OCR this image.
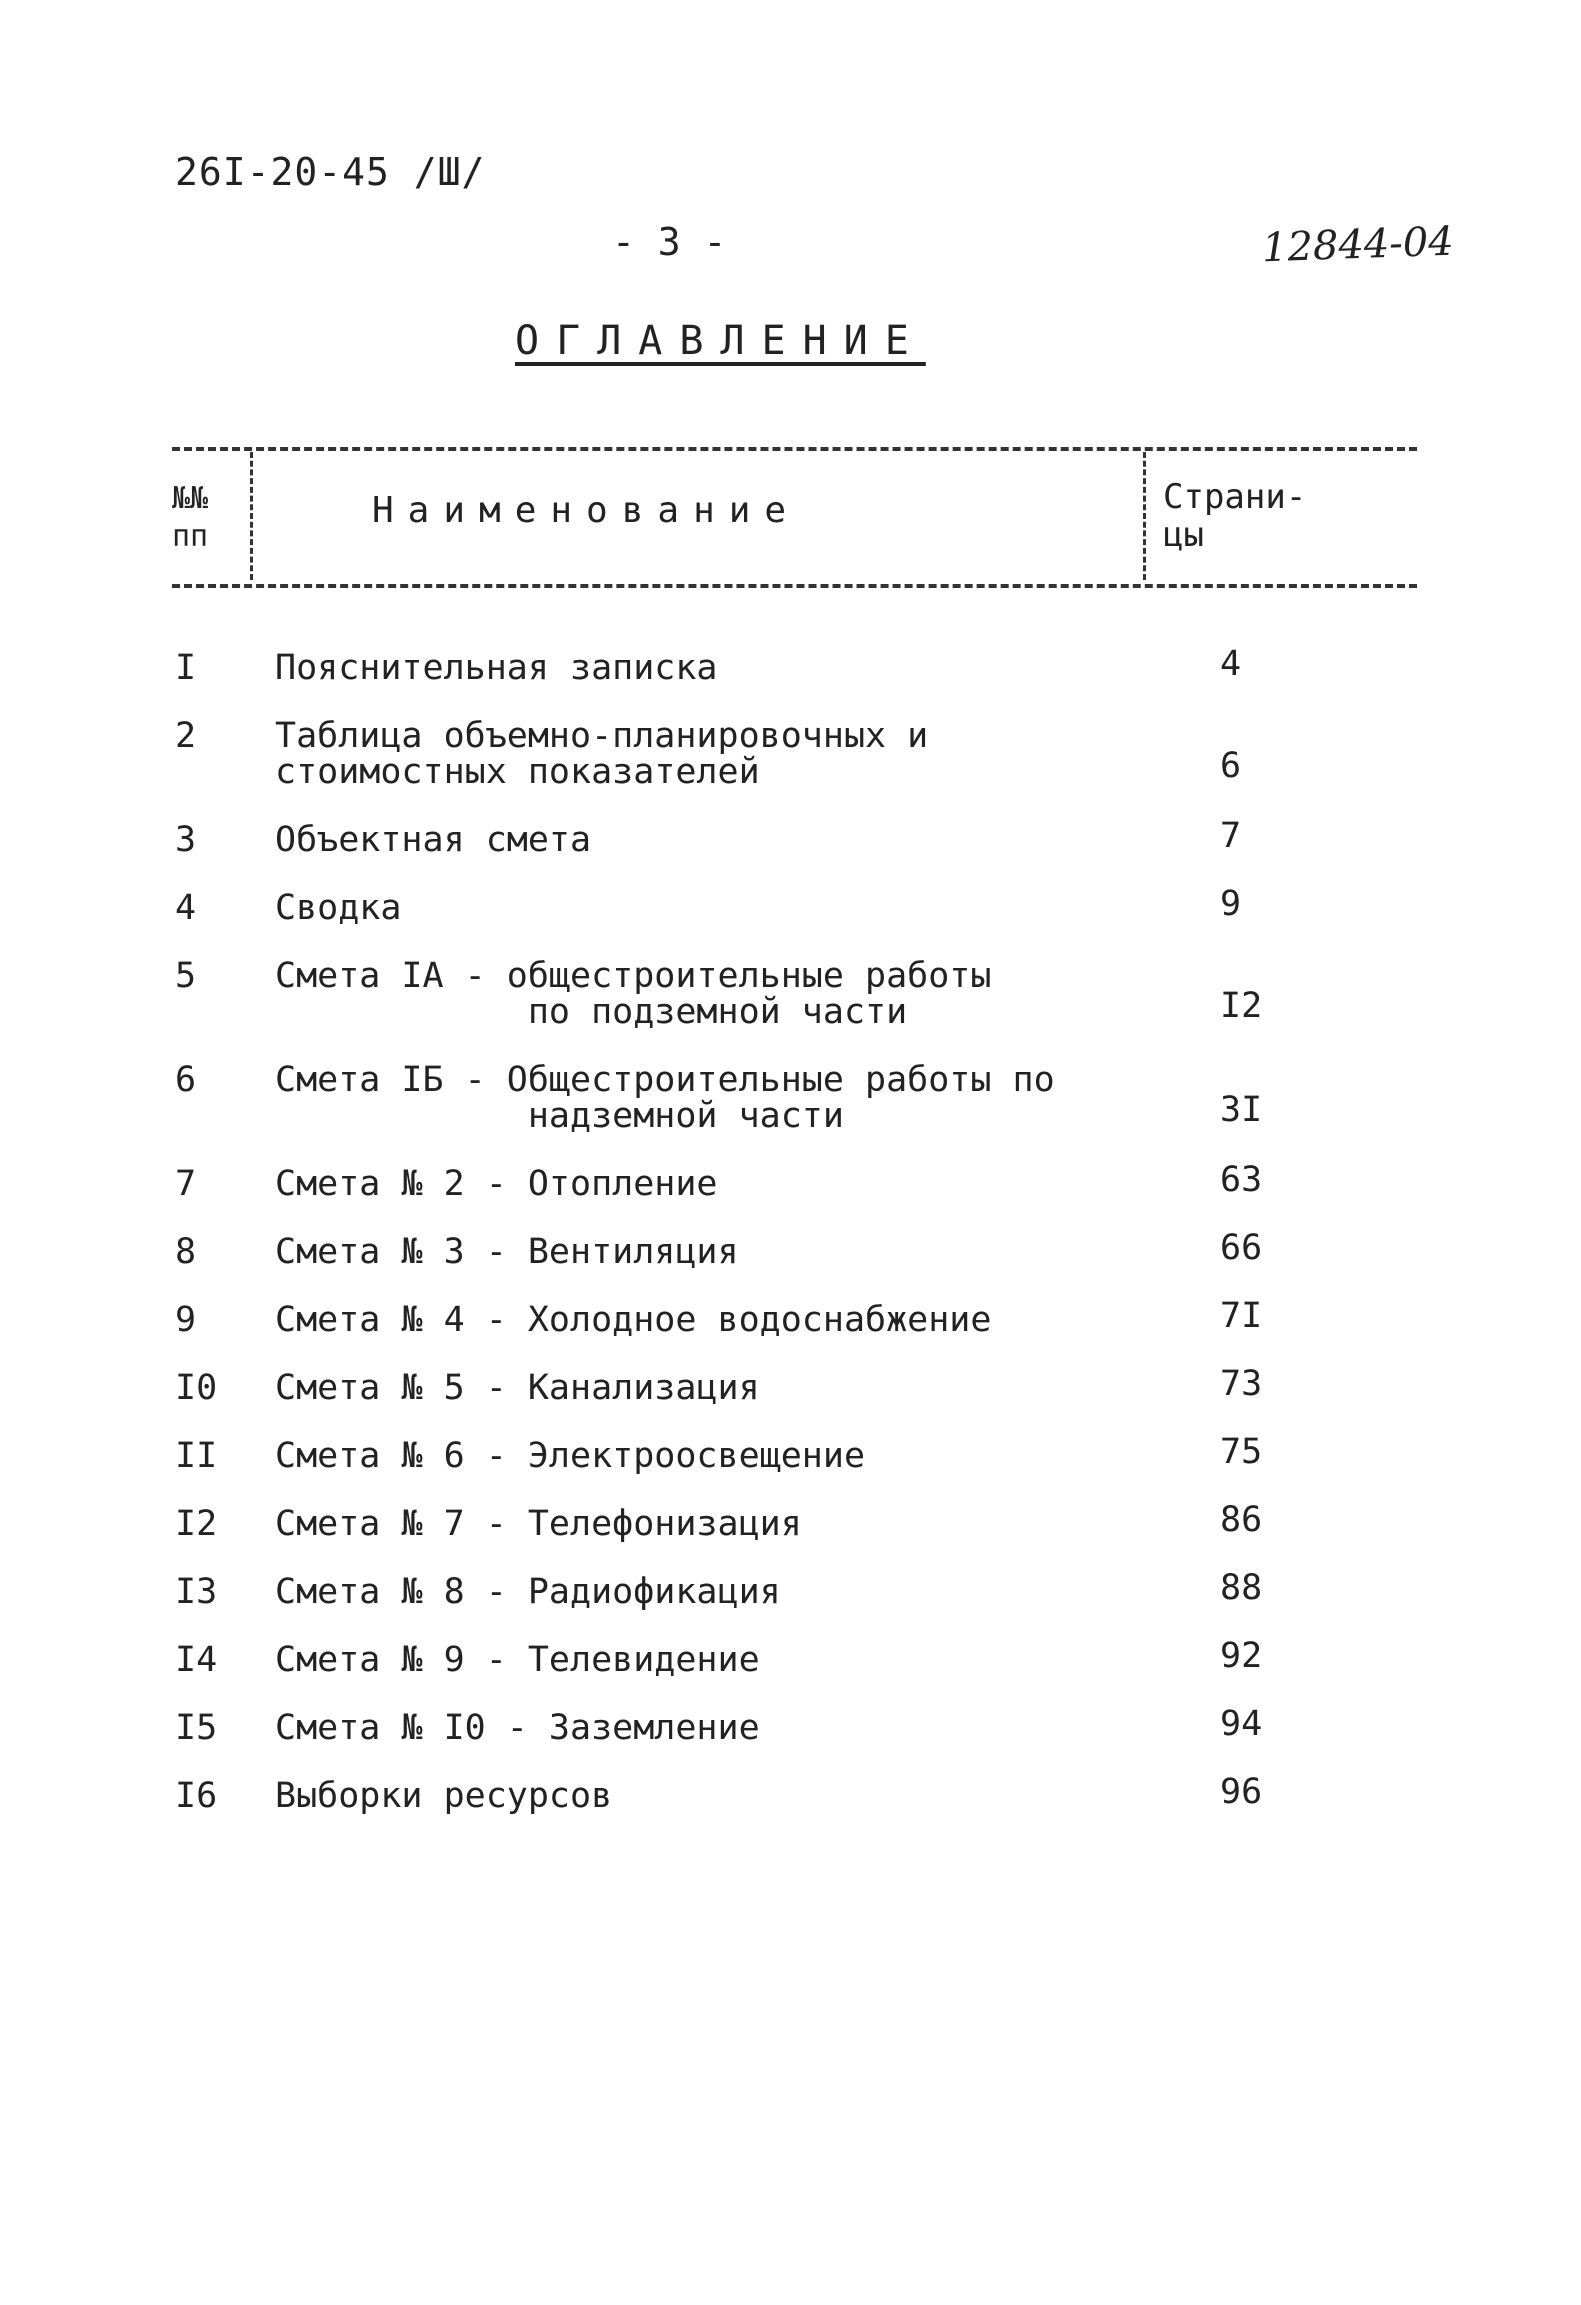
26I-20-45 /Ш/
- 3 -	12844-04
ОГЛАВЛЕНИЕ
№№
пп
Наименование	Страни-
цы
I Пояснительная записка	4
2 Таблица объемно-планировочных и
стоимостных показателей	6
3 Объектная смета	7
4 Сводка	9
5 Смета IА - общестроительные работы
по подземной части	I2
6 Смета IБ - Общестроительные работы по
надземной части	3I
7 Смета № 2 - Отопление	63
8 Смета № 3 - Вентиляция	66
9 Смета № 4 - Холодное водоснабжение	7I
I0 Смета № 5 - Канализация	73
II Смета № 6 - Электроосвещение	75
I2 Смета № 7 - Телефонизация	86
I3 Смета № 8 - Радиофикация	88
I4 Смета № 9 - Телевидение	92
I5 Смета № I0 - Заземление	94
I6 Выборки ресурсов	96
